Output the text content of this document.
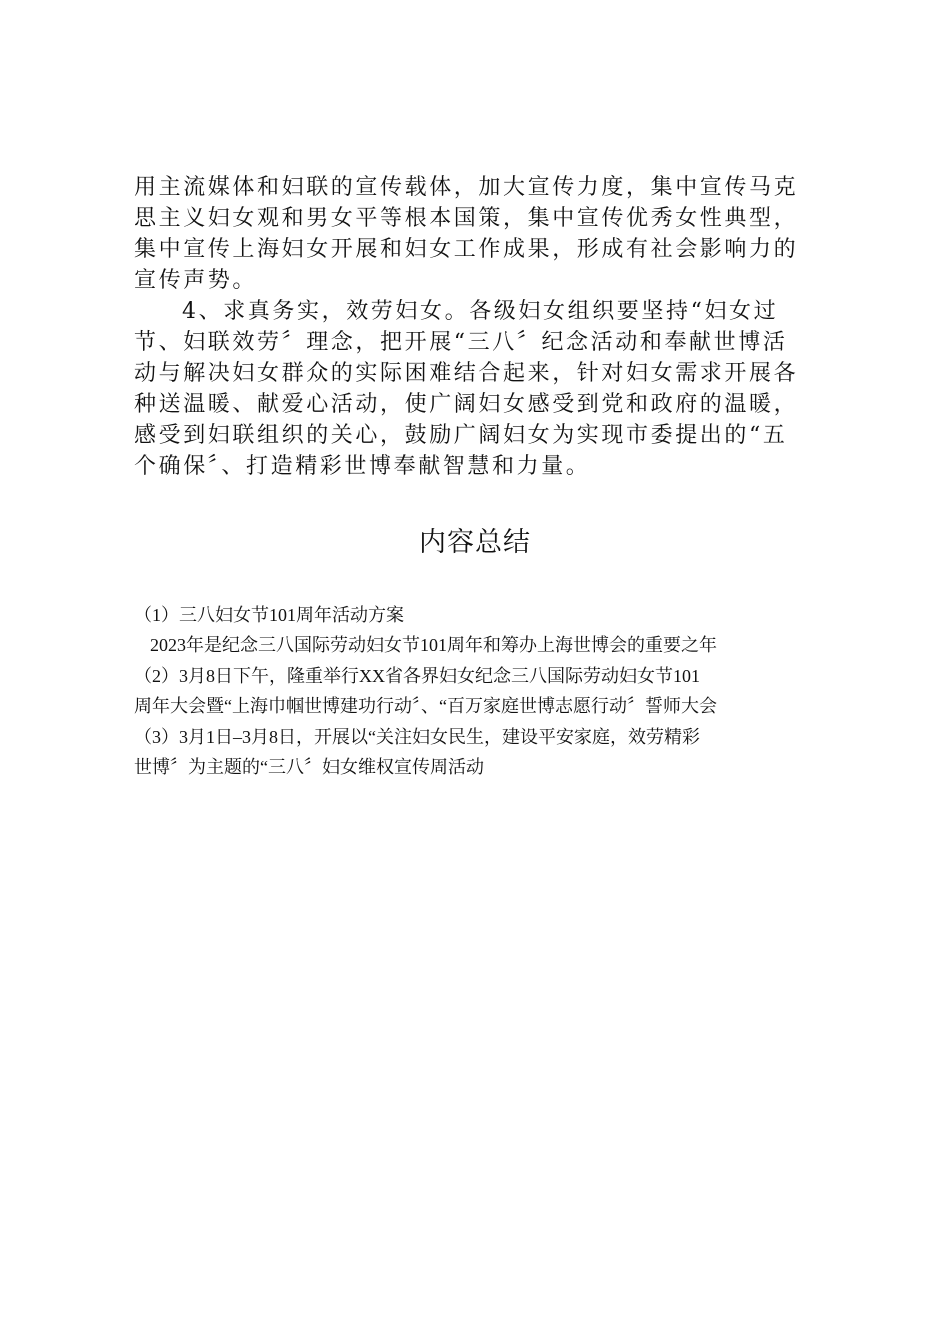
用主流媒体和妇联的宣传载体，加大宣传力度，集中宣传马克
思主义妇女观和男女平等根本国策，集中宣传优秀女性典型，
集中宣传上海妇女开展和妇女工作成果，形成有社会影响力的
宣传声势。
4、求真务实，效劳妇女。各级妇女组织要坚持“妇女过
节、妇联效劳〞理念，把开展“三八〞纪念活动和奉献世博活
动与解决妇女群众的实际困难结合起来，针对妇女需求开展各
种送温暖、献爱心活动，使广阔妇女感受到党和政府的温暖，
感受到妇联组织的关心，鼓励广阔妇女为实现市委提出的“五
个确保〞、打造精彩世博奉献智慧和力量。
内容总结
（1）三八妇女节101周年活动方案
2023年是纪念三八国际劳动妇女节101周年和筹办上海世博会的重要之年
（2）3月8日下午，隆重举行XX省各界妇女纪念三八国际劳动妇女节101
周年大会暨“上海巾帼世博建功行动〞、“百万家庭世博志愿行动〞誓师大会
（3）3月1日–3月8日，开展以“关注妇女民生，建设平安家庭，效劳精彩
世博〞为主题的“三八〞妇女维权宣传周活动
